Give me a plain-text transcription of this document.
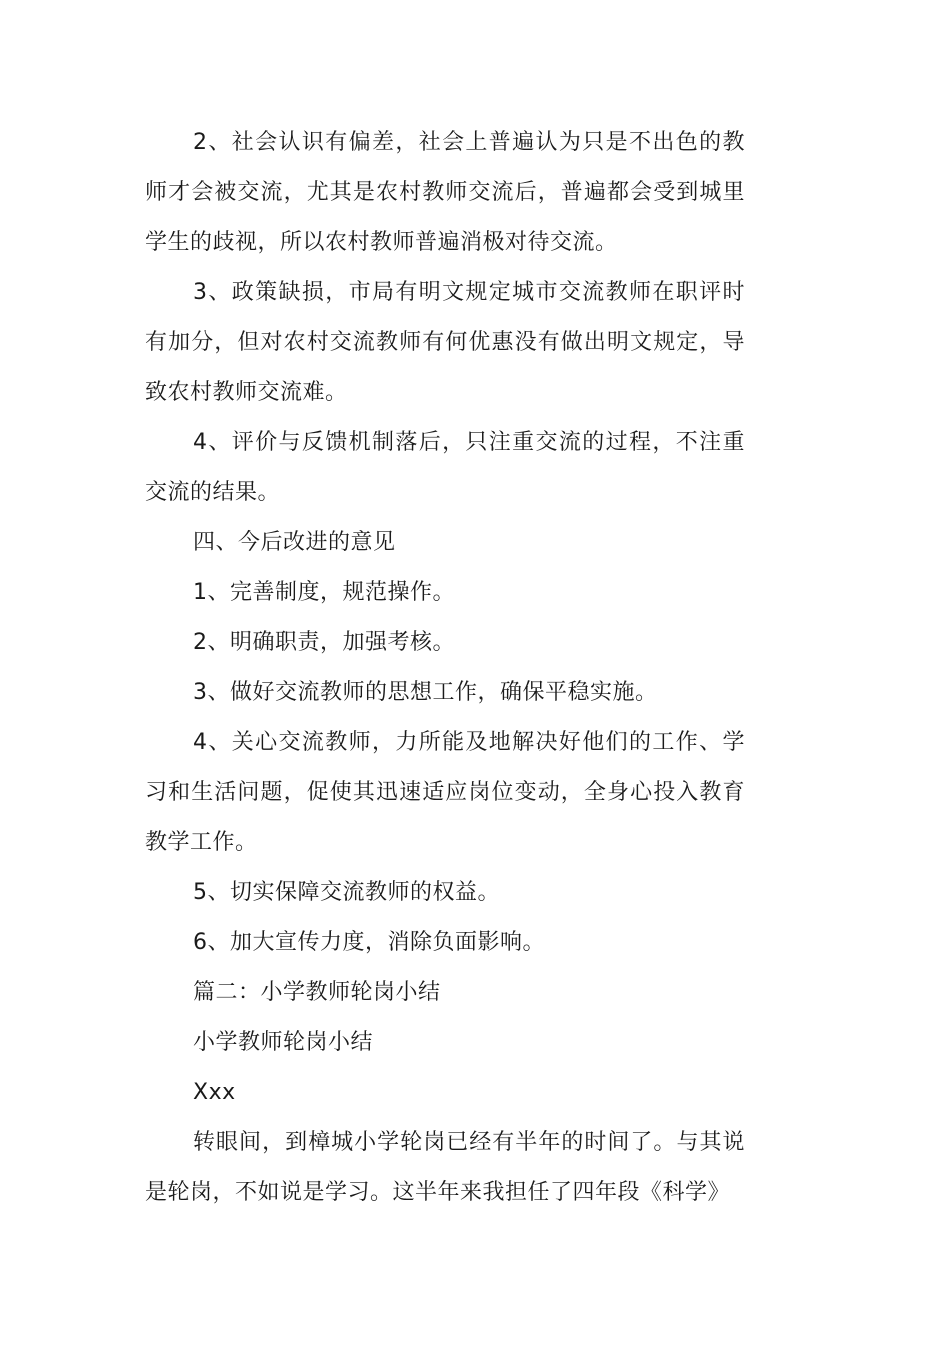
2、社会认识有偏差，社会上普遍认为只是不出色的教师才会被交流，尤其是农村教师交流后，普遍都会受到城里学生的歧视，所以农村教师普遍消极对待交流。

3、政策缺损，市局有明文规定城市交流教师在职评时有加分，但对农村交流教师有何优惠没有做出明文规定，导致农村教师交流难。

4、评价与反馈机制落后，只注重交流的过程，不注重交流的结果。

四、今后改进的意见

1、完善制度，规范操作。

2、明确职责，加强考核。

3、做好交流教师的思想工作，确保平稳实施。

4、关心交流教师，力所能及地解决好他们的工作、学习和生活问题，促使其迅速适应岗位变动，全身心投入教育教学工作。

5、切实保障交流教师的权益。

6、加大宣传力度，消除负面影响。

篇二：小学教师轮岗小结

小学教师轮岗小结

Xxx

转眼间，到樟城小学轮岗已经有半年的时间了。与其说是轮岗，不如说是学习。这半年来我担任了四年段《科学》
